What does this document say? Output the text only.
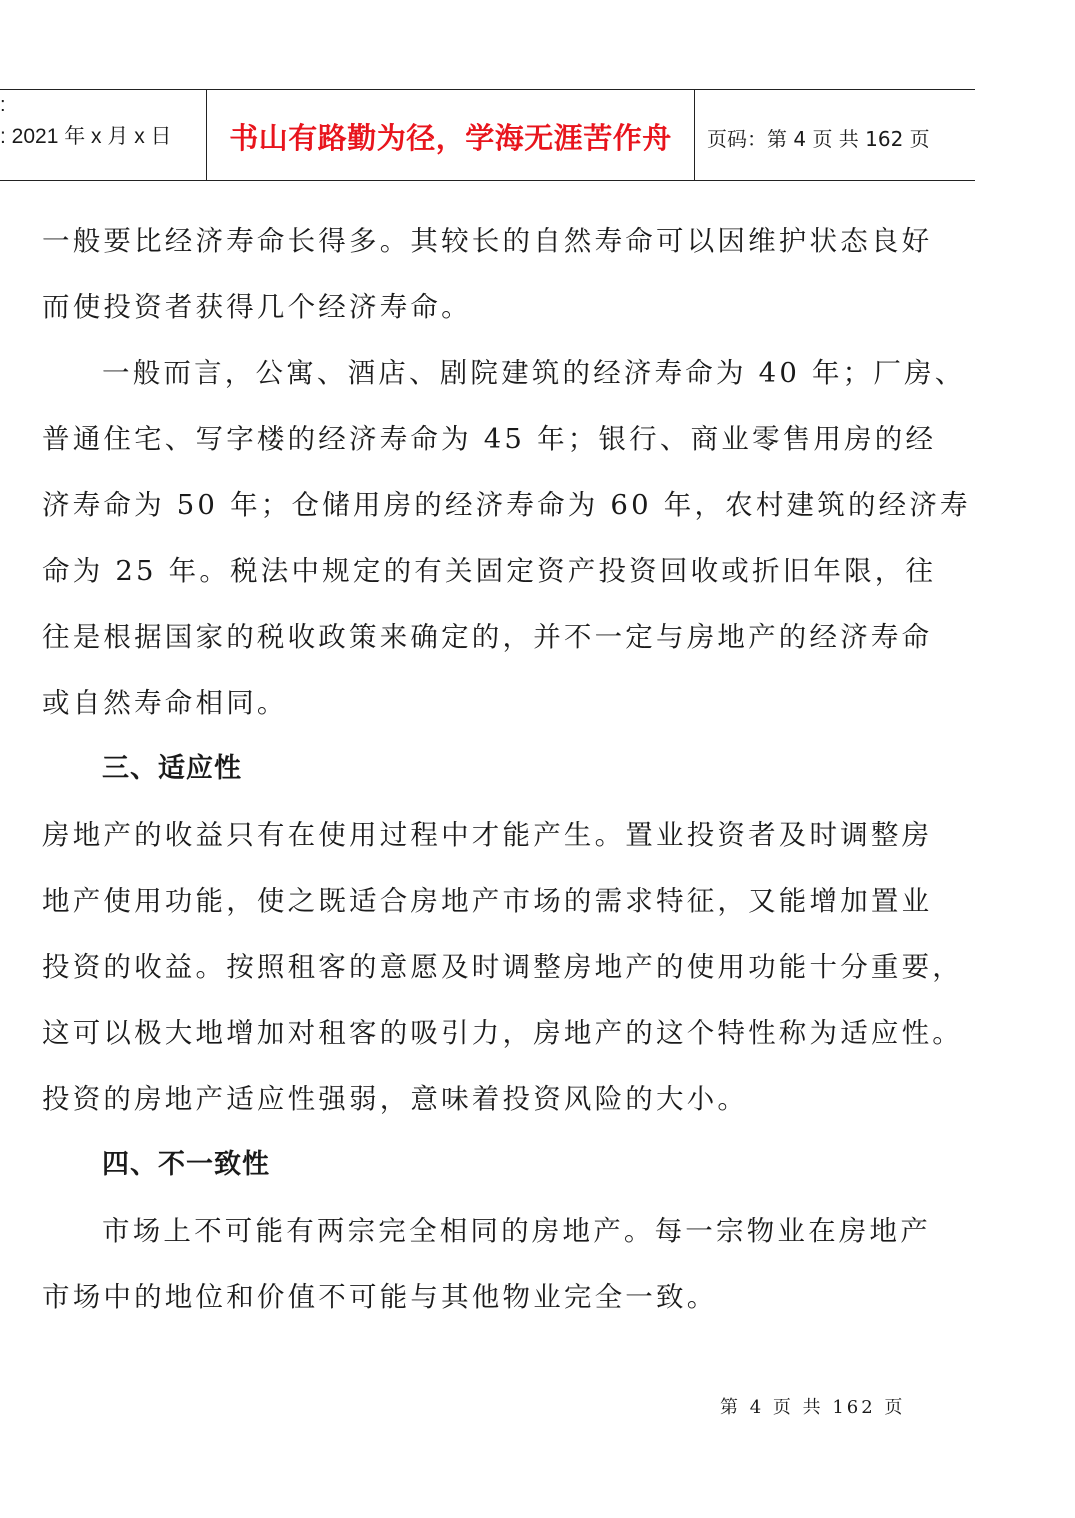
:
: 2021 年 x 月 x 日	书山有路勤为径，学海无涯苦作舟	页码：第 4 页 共 162 页
一般要比经济寿命长得多。其较长的自然寿命可以因维护状态良好
而使投资者获得几个经济寿命。
一般而言，公寓、酒店、剧院建筑的经济寿命为 40 年；厂房、
普通住宅、写字楼的经济寿命为 45 年；银行、商业零售用房的经
济寿命为 50 年；仓储用房的经济寿命为 60 年，农村建筑的经济寿
命为 25 年。税法中规定的有关固定资产投资回收或折旧年限，往
往是根据国家的税收政策来确定的，并不一定与房地产的经济寿命
或自然寿命相同。
三、适应性
房地产的收益只有在使用过程中才能产生。置业投资者及时调整房
地产使用功能，使之既适合房地产市场的需求特征，又能增加置业
投资的收益。按照租客的意愿及时调整房地产的使用功能十分重要，
这可以极大地增加对租客的吸引力，房地产的这个特性称为适应性。
投资的房地产适应性强弱，意味着投资风险的大小。
四、不一致性
市场上不可能有两宗完全相同的房地产。每一宗物业在房地产
市场中的地位和价值不可能与其他物业完全一致。
第 4 页 共 162 页
